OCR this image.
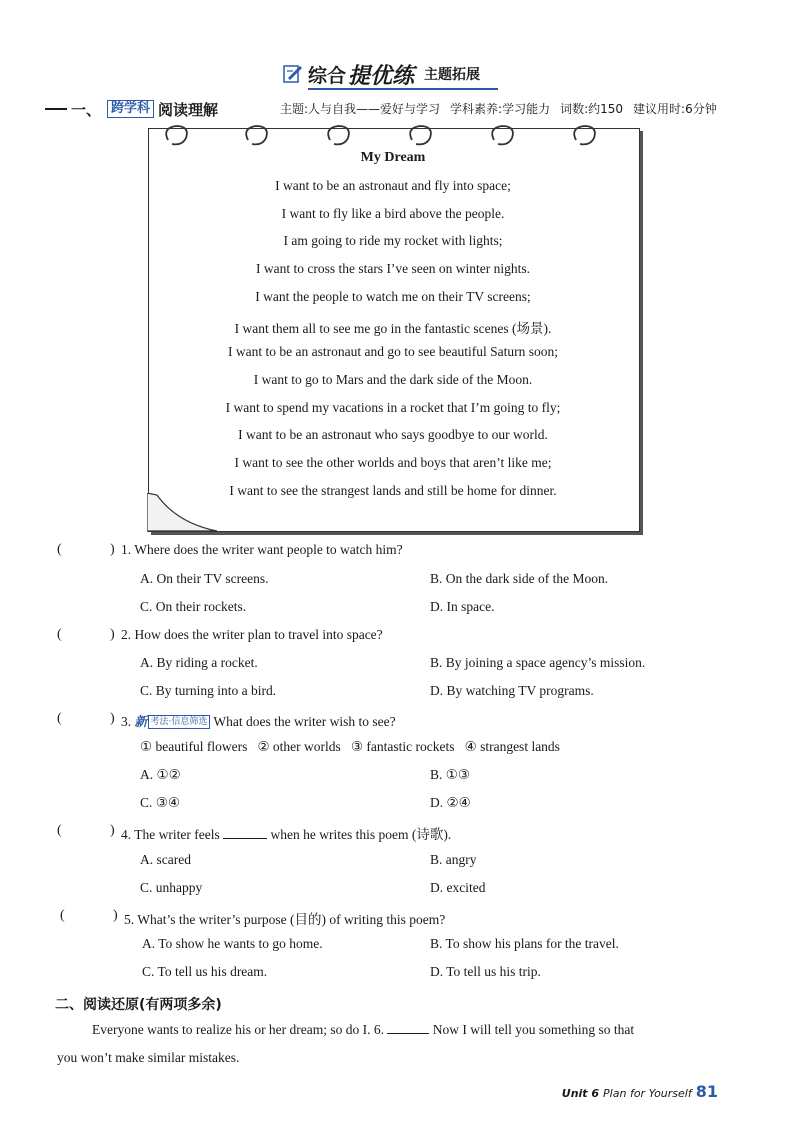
综合 提优练 主题拓展
一、 跨学科 阅读理解	主题:人与自我——爱好与学习 学科素养:学习能力 词数:约150 建议用时:6分钟
My Dream
I want to be an astronaut and fly into space;
I want to fly like a bird above the people.
I am going to ride my rocket with lights;
I want to cross the stars I’ve seen on winter nights.
I want the people to watch me on their TV screens;
I want them all to see me go in the fantastic scenes (场景).
I want to be an astronaut and go to see beautiful Saturn soon;
I want to go to Mars and the dark side of the Moon.
I want to spend my vacations in a rocket that I’m going to fly;
I want to be an astronaut who says goodbye to our world.
I want to see the other worlds and boys that aren’t like me;
I want to see the strangest lands and still be home for dinner.
(	) 1. Where does the writer want people to watch him?
A. On their TV screens.	B. On the dark side of the Moon.
C. On their rockets.	D. In space.
(	) 2. How does the writer plan to travel into space?
A. By riding a rocket.	B. By joining a space agency’s mission.
C. By turning into a bird.	D. By watching TV programs.
(	) 3. 新 考法·信息筛选 What does the writer wish to see?
① beautiful flowers   ② other worlds   ③ fantastic rockets   ④ strangest lands
A. ①②	B. ①③
C. ③④	D. ②④
(	) 4. The writer feels	when he writes this poem (诗歌).
A. scared	B. angry
C. unhappy	D. excited
(	) 5. What’s the writer’s purpose (目的) of writing this poem?
A. To show he wants to go home.	B. To show his plans for the travel.
C. To tell us his dream.	D. To tell us his trip.
二、阅读还原(有两项多余)
Everyone wants to realize his or her dream; so do I. 6.	Now I will tell you something so that
you won’t make similar mistakes.
Unit 6 Plan for Yourself 81
